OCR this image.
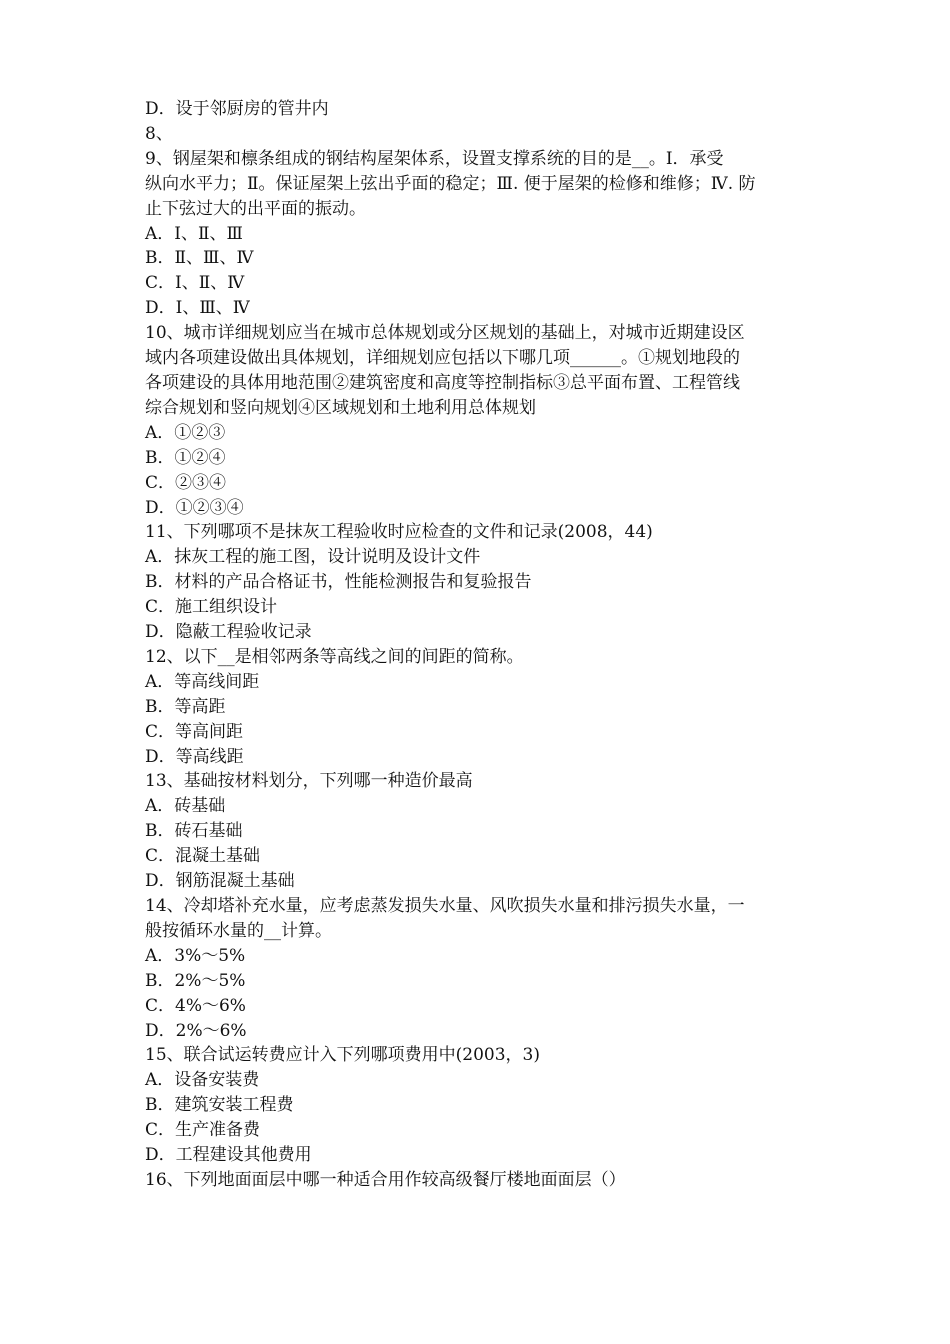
D．设于邻厨房的管井内
8、
9、钢屋架和檩条组成的钢结构屋架体系，设置支撑系统的目的是__。Ⅰ．承受
纵向水平力；Ⅱ。保证屋架上弦出乎面的稳定；Ⅲ. 便于屋架的检修和维修；Ⅳ. 防
止下弦过大的出平面的振动。
A．Ⅰ、Ⅱ、Ⅲ
B．Ⅱ、Ⅲ、Ⅳ
C．Ⅰ、Ⅱ、Ⅳ
D．Ⅰ、Ⅲ、Ⅳ
10、城市详细规划应当在城市总体规划或分区规划的基础上，对城市近期建设区
域内各项建设做出具体规划，详细规划应包括以下哪几项______。①规划地段的
各项建设的具体用地范围②建筑密度和高度等控制指标③总平面布置、工程管线
综合规划和竖向规划④区域规划和土地利用总体规划
A．①②③
B．①②④
C．②③④
D．①②③④
11、下列哪项不是抹灰工程验收时应检查的文件和记录(2008，44)
A．抹灰工程的施工图，设计说明及设计文件
B．材料的产品合格证书，性能检测报告和复验报告
C．施工组织设计
D．隐蔽工程验收记录
12、以下__是相邻两条等高线之间的间距的简称。
A．等高线间距
B．等高距
C．等高间距
D．等高线距
13、基础按材料划分，下列哪一种造价最高
A．砖基础
B．砖石基础
C．混凝土基础
D．钢筋混凝土基础
14、冷却塔补充水量，应考虑蒸发损失水量、风吹损失水量和排污损失水量，一
般按循环水量的__计算。
A．3%～5%
B．2%～5%
C．4%～6%
D．2%～6%
15、联合试运转费应计入下列哪项费用中(2003，3)
A．设备安装费
B．建筑安装工程费
C．生产准备费
D．工程建设其他费用
16、下列地面面层中哪一种适合用作较高级餐厅楼地面面层（）
